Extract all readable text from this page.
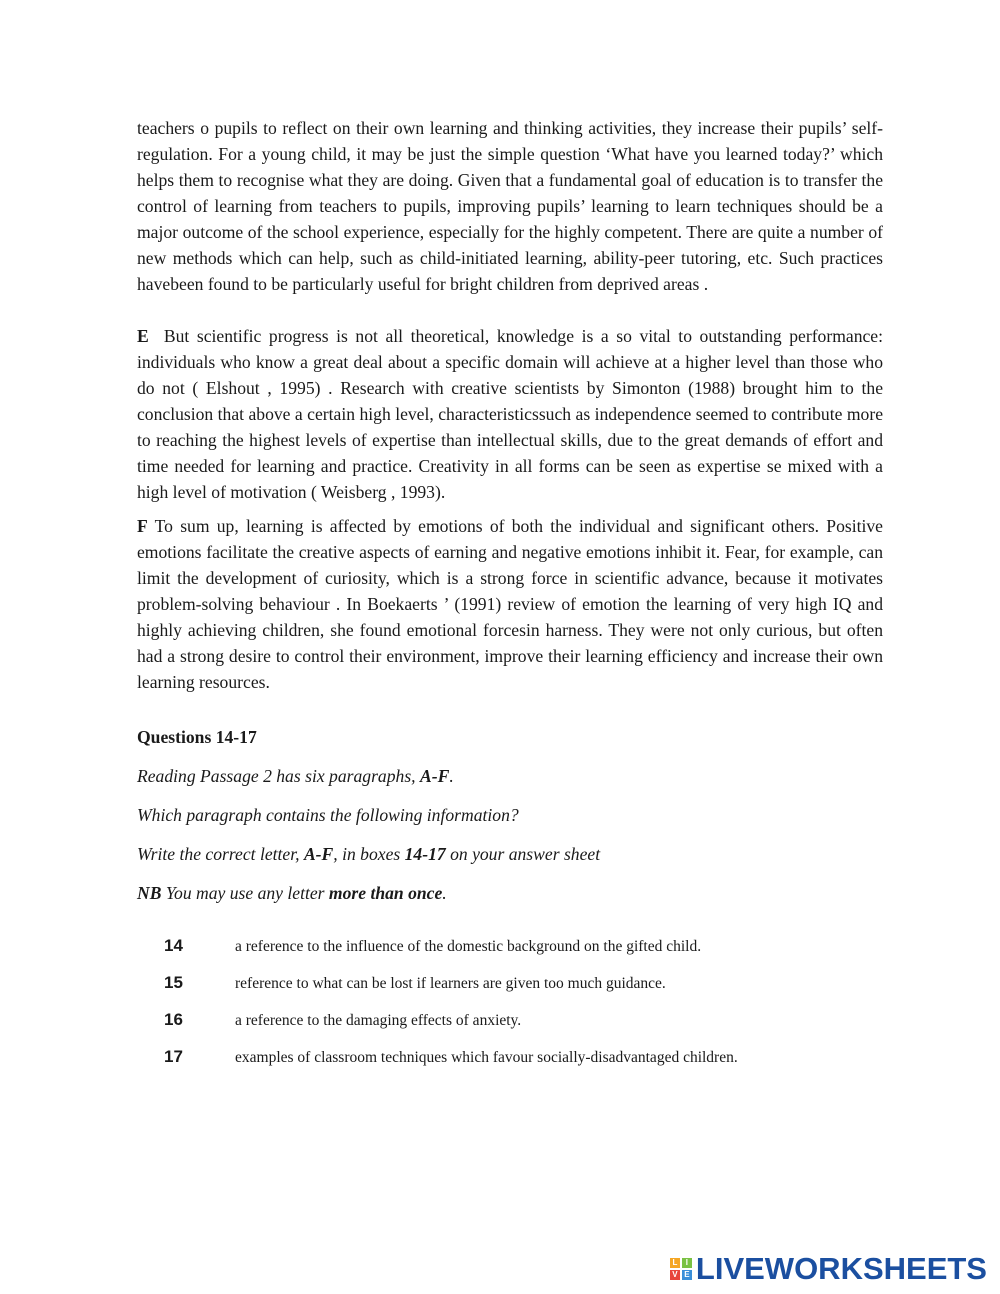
teachers o pupils to reflect on their own learning and thinking activities, they increase their pupils’ self-regulation. For a young child, it may be just the simple question ‘What have you learned today?’ which helps them to recognise what they are doing. Given that a fundamental goal of education is to transfer the control of learning from teachers to pupils, improving pupils’ learning to learn techniques should be a major outcome of the school experience, especially for the highly competent. There are quite a number of new methods which can help, such as child-initiated learning, ability-peer tutoring, etc. Such practices havebeen found to be particularly useful for bright children from deprived areas .

E But scientific progress is not all theoretical, knowledge is a so vital to outstanding performance: individuals who know a great deal about a specific domain will achieve at a higher level than those who do not ( Elshout , 1995) . Research with creative scientists by Simonton (1988) brought him to the conclusion that above a certain high level, characteristicssuch as independence seemed to contribute more to reaching the highest levels of expertise than intellectual skills, due to the great demands of effort and time needed for learning and practice. Creativity in all forms can be seen as expertise se mixed with a high level of motivation ( Weisberg , 1993).

F To sum up, learning is affected by emotions of both the individual and significant others. Positive emotions facilitate the creative aspects of earning and negative emotions inhibit it. Fear, for example, can limit the development of curiosity, which is a strong force in scientific advance, because it motivates problem-solving behaviour . In Boekaerts ’ (1991) review of emotion the learning of very high IQ and highly achieving children, she found emotional forcesin harness. They were not only curious, but often had a strong desire to control their environment, improve their learning efficiency and increase their own learning resources.

Questions 14-17
Reading Passage 2 has six paragraphs, A-F.
Which paragraph contains the following information?
Write the correct letter, A-F, in boxes 14-17 on your answer sheet
NB You may use any letter more than once.
14	a reference to the influence of the domestic background on the gifted child.
15	reference to what can be lost if learners are given too much guidance.
16	a reference to the damaging effects of anxiety.
17	examples of classroom techniques which favour socially-disadvantaged children.
L	I
V E LIVEWORKSHEETS
